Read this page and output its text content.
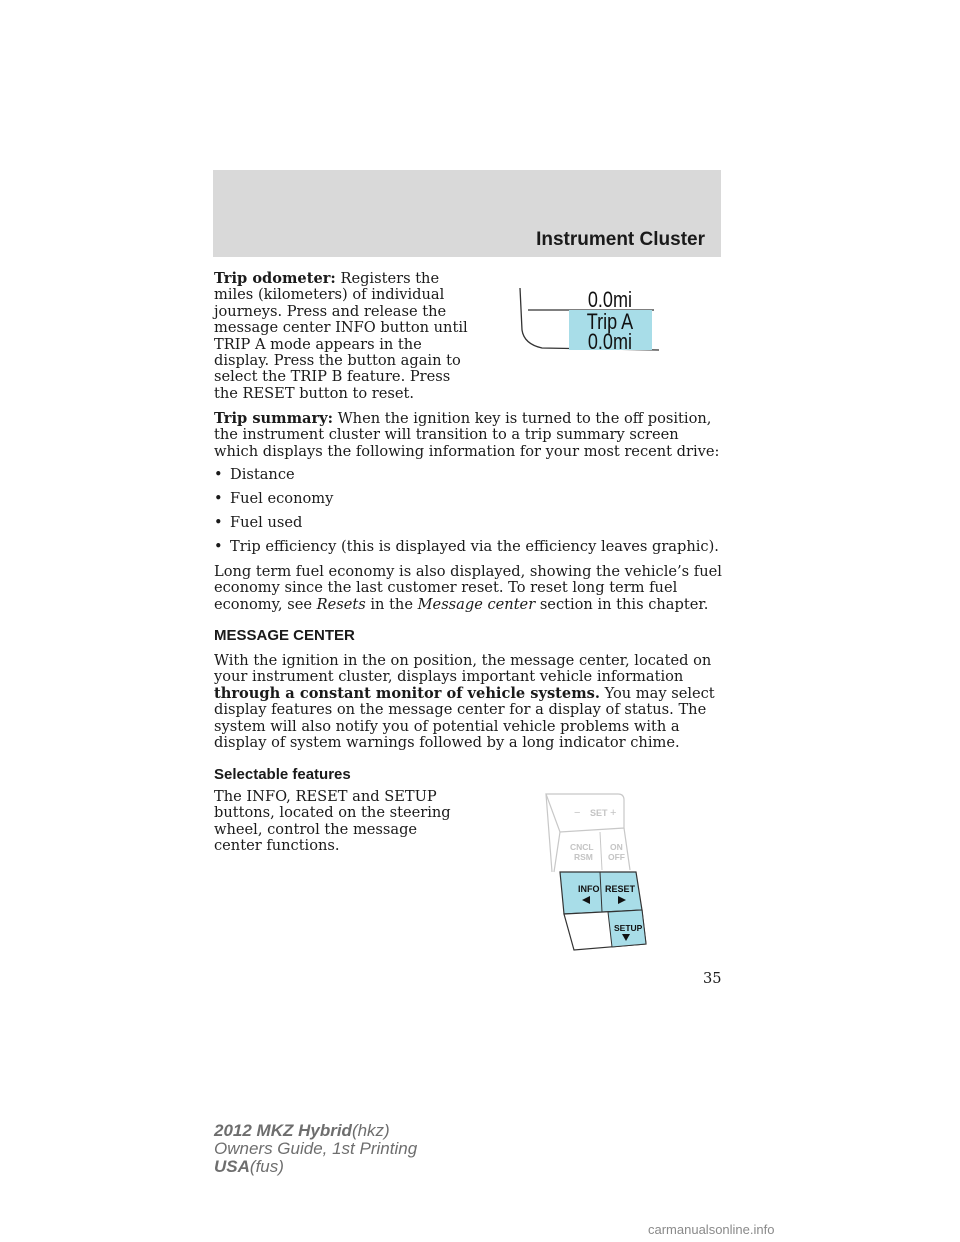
Instrument Cluster

Trip odometer: Registers the miles (kilometers) of individual journeys. Press and release the message center INFO button until TRIP A mode appears in the display. Press the button again to select the TRIP B feature. Press the RESET button to reset.

0.0mi
Trip A
0.0mi

Trip summary: When the ignition key is turned to the off position, the instrument cluster will transition to a trip summary screen which displays the following information for your most recent drive:

• Distance
• Fuel economy
• Fuel used
• Trip efficiency (this is displayed via the efficiency leaves graphic).

Long term fuel economy is also displayed, showing the vehicle’s fuel economy since the last customer reset. To reset long term fuel economy, see Resets in the Message center section in this chapter.

MESSAGE CENTER

With the ignition in the on position, the message center, located on your instrument cluster, displays important vehicle information through a constant monitor of vehicle systems. You may select display features on the message center for a display of status. The system will also notify you of potential vehicle problems with a display of system warnings followed by a long indicator chime.

Selectable features

The INFO, RESET and SETUP buttons, located on the steering wheel, control the message center functions.

− SET +
CNCL
RSM
ON
OFF
INFO RESET
SETUP
35
2012 MKZ Hybrid(hkz)
Owners Guide, 1st Printing
USA(fus)
carmanualsonline.info
